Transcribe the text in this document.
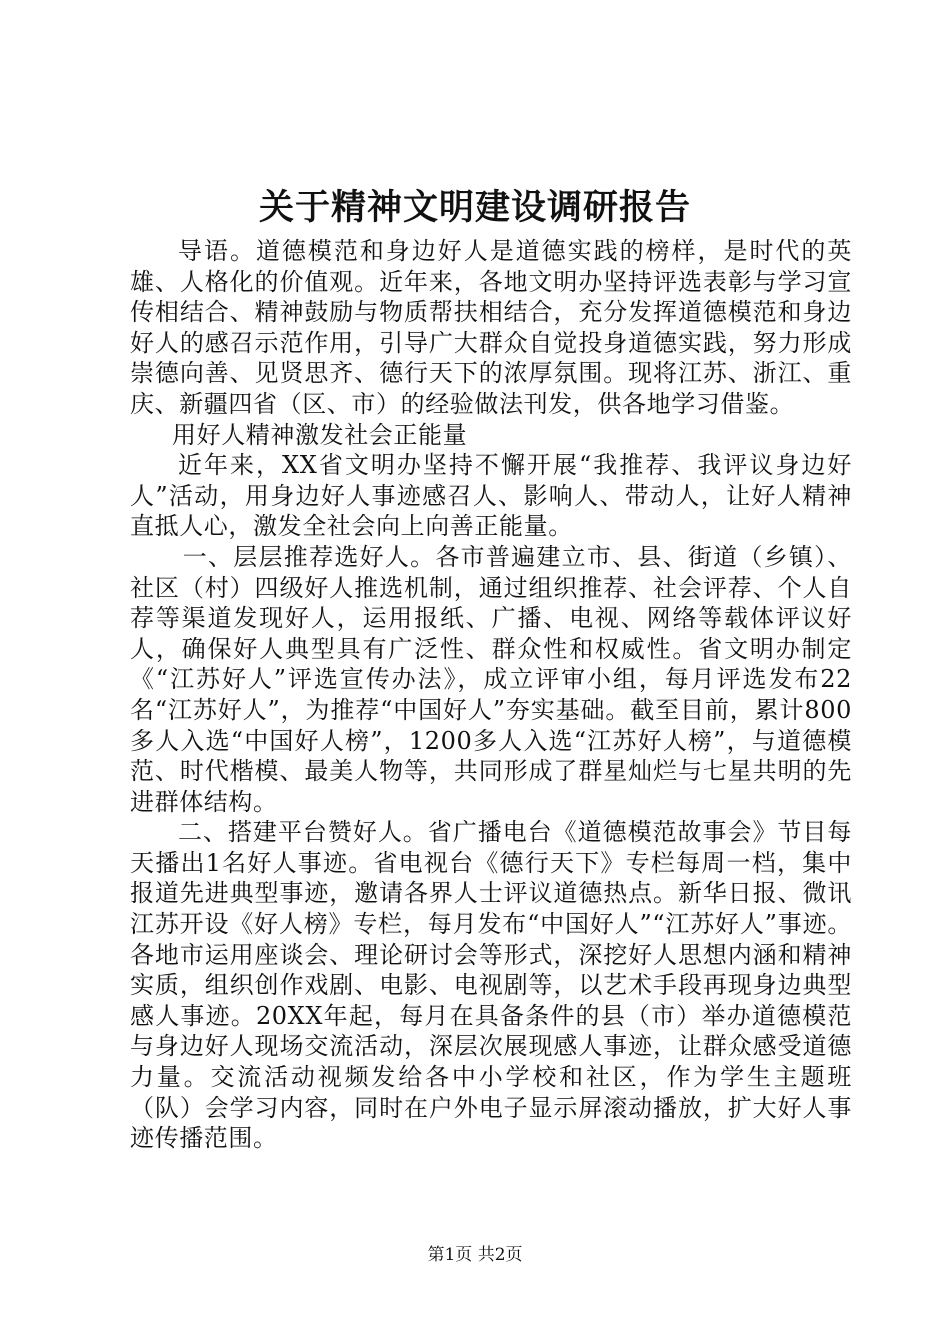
关于精神文明建设调研报告

导语。道德模范和身边好人是道德实践的榜样，是时代的英雄、人格化的价值观。近年来，各地文明办坚持评选表彰与学习宣传相结合、精神鼓励与物质帮扶相结合，充分发挥道德模范和身边好人的感召示范作用，引导广大群众自觉投身道德实践，努力形成崇德向善、见贤思齐、德行天下的浓厚氛围。现将江苏、浙江、重庆、新疆四省（区、市）的经验做法刊发，供各地学习借鉴。

用好人精神激发社会正能量

近年来，XX省文明办坚持不懈开展“我推荐、我评议身边好人”活动，用身边好人事迹感召人、影响人、带动人，让好人精神直抵人心，激发全社会向上向善正能量。

一、层层推荐选好人。各市普遍建立市、县、街道（乡镇）、社区（村）四级好人推选机制，通过组织推荐、社会评荐、个人自荐等渠道发现好人，运用报纸、广播、电视、网络等载体评议好人，确保好人典型具有广泛性、群众性和权威性。省文明办制定《“江苏好人”评选宣传办法》，成立评审小组，每月评选发布22名“江苏好人”，为推荐“中国好人”夯实基础。截至目前，累计800多人入选“中国好人榜”，1200多人入选“江苏好人榜”，与道德模范、时代楷模、最美人物等，共同形成了群星灿烂与七星共明的先进群体结构。

二、搭建平台赞好人。省广播电台《道德模范故事会》节目每天播出1名好人事迹。省电视台《德行天下》专栏每周一档，集中报道先进典型事迹，邀请各界人士评议道德热点。新华日报、微讯江苏开设《好人榜》专栏，每月发布“中国好人”“江苏好人”事迹。各地市运用座谈会、理论研讨会等形式，深挖好人思想内涵和精神实质，组织创作戏剧、电影、电视剧等，以艺术手段再现身边典型感人事迹。20XX年起，每月在具备条件的县（市）举办道德模范与身边好人现场交流活动，深层次展现感人事迹，让群众感受道德力量。交流活动视频发给各中小学校和社区，作为学生主题班（队）会学习内容，同时在户外电子显示屏滚动播放，扩大好人事迹传播范围。

第1页 共2页
